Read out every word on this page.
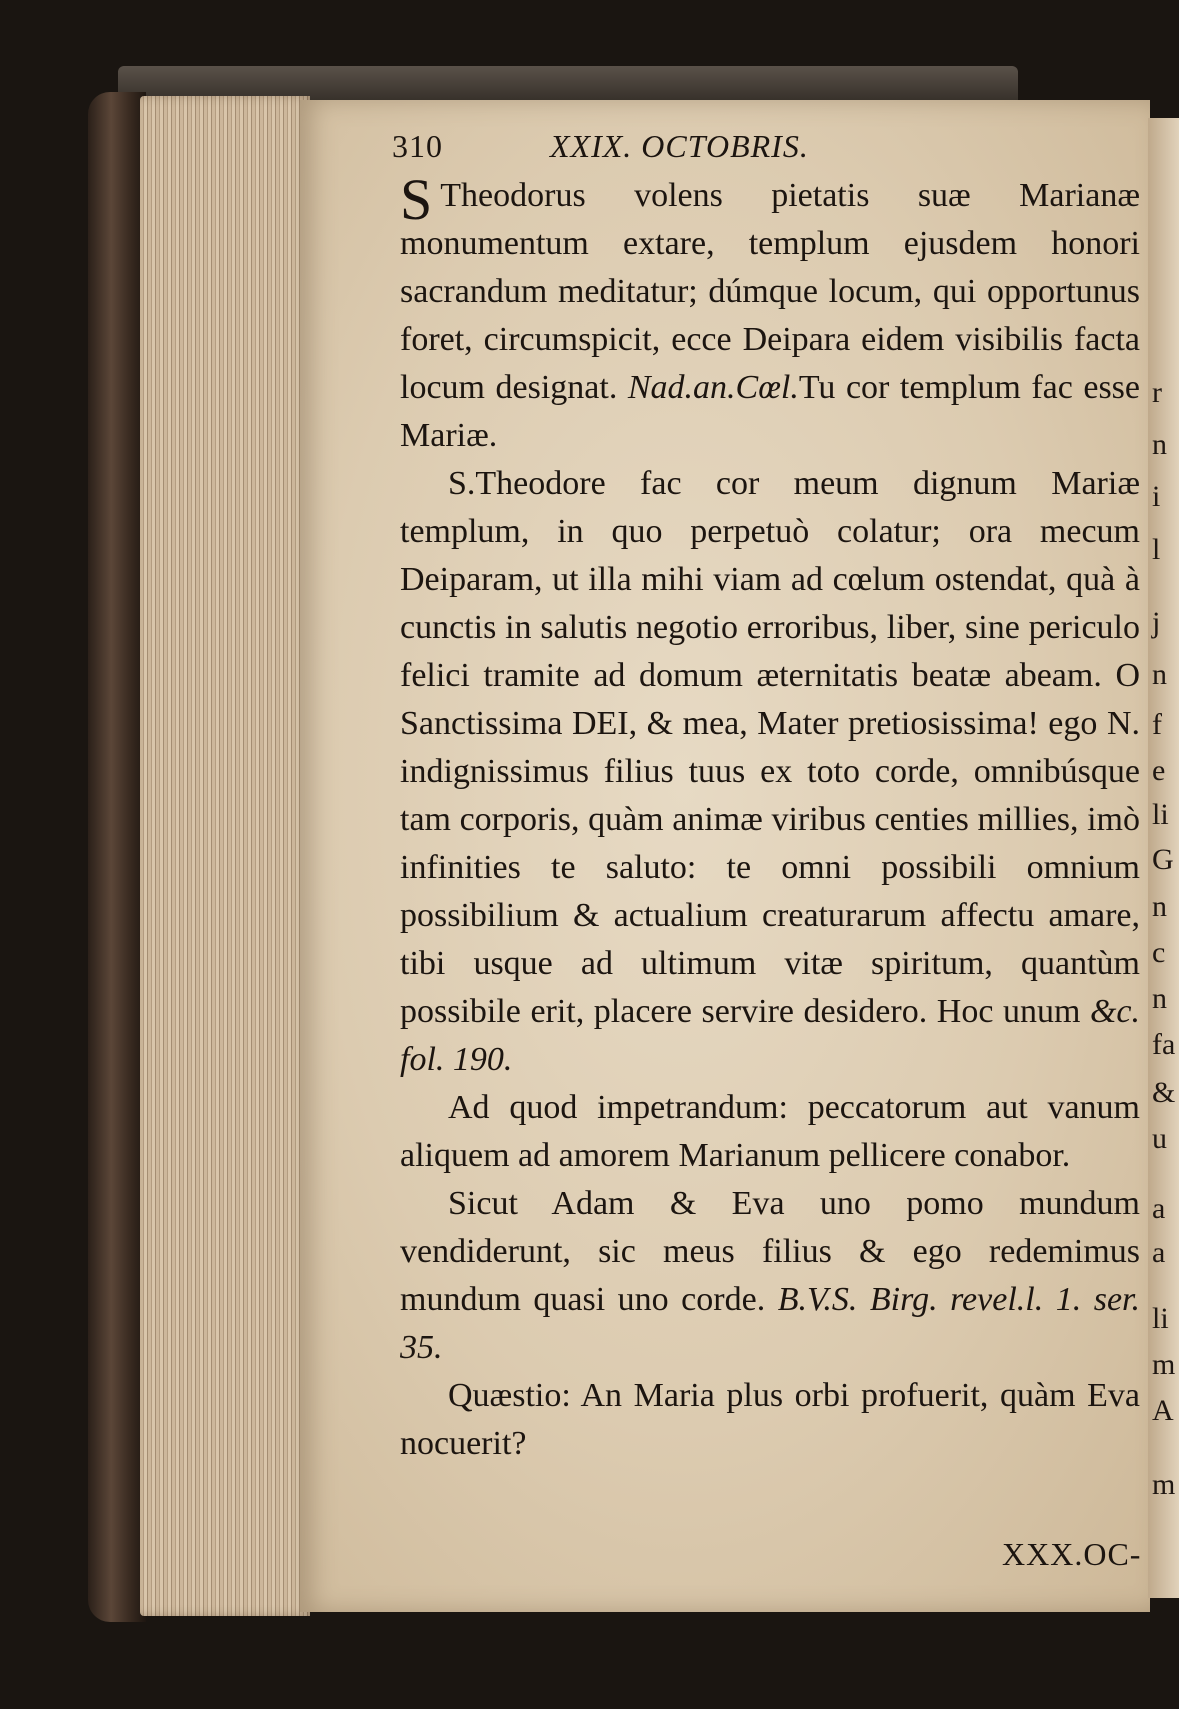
r
n
i
l
j
n
f
e
li
G
n
c
n
fa
&
u
a
a
li
m
A
m
310	XXIX. OCTOBRIS.

S Theodorus volens pietatis suæ Marianæ monumentum extare, templum ejusdem honori sacrandum meditatur; dúmque locum, qui opportunus foret, circumspicit, ecce Deipara eidem visibilis facta locum designat. Nad.an.Cœl.Tu cor templum fac esse Mariæ.

S.Theodore fac cor meum dignum Mariæ templum, in quo perpetuò colatur; ora mecum Deiparam, ut illa mihi viam ad cœlum ostendat, quà à cunctis in salutis negotio erroribus, liber, sine periculo felici tramite ad domum æternitatis beatæ abeam. O Sanctissima DEI, & mea, Mater pretiosissima! ego N. indignissimus filius tuus ex toto corde, omnibúsque tam corporis, quàm animæ viribus centies millies, imò infinities te saluto: te omni possibili omnium possibilium & actualium creaturarum affectu amare, tibi usque ad ultimum vitæ spiritum, quantùm possibile erit, placere servire desidero. Hoc unum &c. fol. 190.

Ad quod impetrandum: peccatorum aut vanum aliquem ad amorem Marianum pellicere conabor.

Sicut Adam & Eva uno pomo mundum vendiderunt, sic meus filius & ego redemimus mundum quasi uno corde. B.V.S. Birg. revel.l. 1. ser. 35.

Quæstio: An Maria plus orbi profuerit, quàm Eva nocuerit?

XXX.OC-
